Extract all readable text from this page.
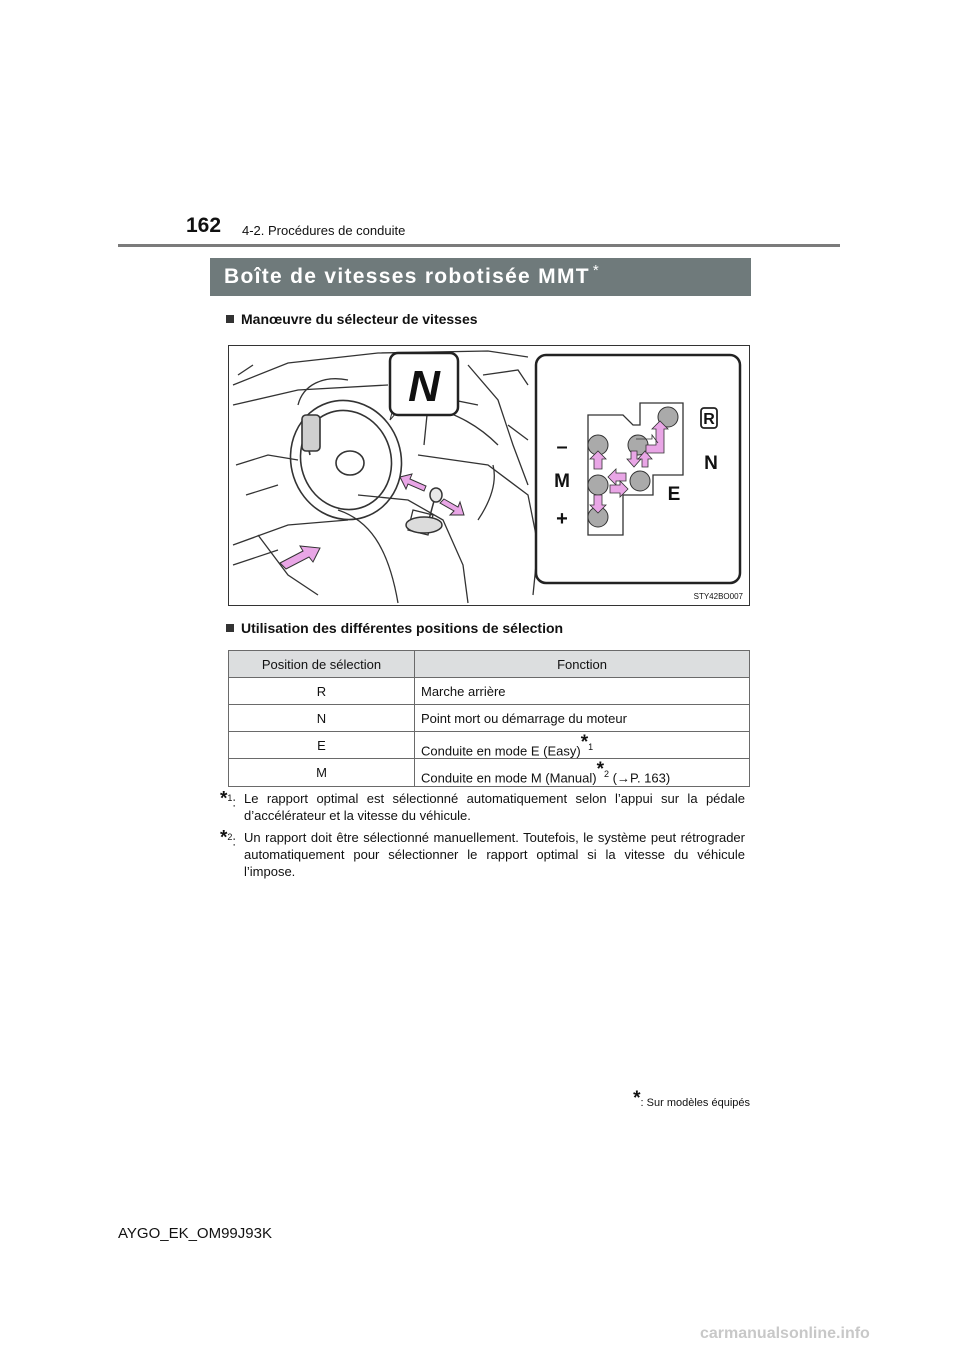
162 4-2. Procédures de conduite
Boîte de vitesses robotisée MMT *
Manœuvre du sélecteur de vitesses
N
–
M
+
E
N
R
STY42BO007
Utilisation des différentes positions de sélection
Position de sélection	Fonction
R	Marche arrière
N	Point mort ou démarrage du moteur
E	Conduite en mode E (Easy)$^{*1}$
M	Conduite en mode M (Manual)$^{*2}$ (→P. 163)
*$^1$: Le rapport optimal est sélectionné automatiquement selon l’appui sur la pédale d’accélérateur et la vitesse du véhicule.
*$^2$: Un rapport doit être sélectionné manuellement. Toutefois, le système peut rétrograder automatiquement pour sélectionner le rapport optimal si la vitesse du véhicule l’impose.
*: Sur modèles équipés
AYGO_EK_OM99J93K
carmanualsonline.info
